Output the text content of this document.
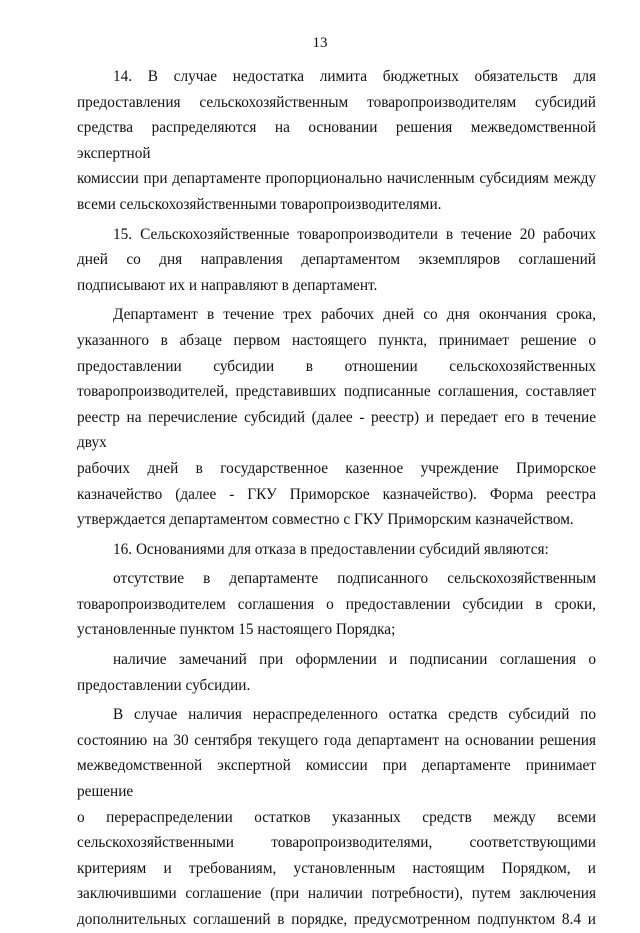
13

14. В случае недостатка лимита бюджетных обязательств для
предоставления сельскохозяйственным товаропроизводителям субсидий
средства распределяются на основании решения межведомственной экспертной
комиссии при департаменте пропорционально начисленным субсидиям между
всеми сельскохозяйственными товаропроизводителями.

15. Сельскохозяйственные товаропроизводители в течение 20 рабочих
дней со дня направления департаментом экземпляров соглашений
подписывают их и направляют в департамент.

Департамент в течение трех рабочих дней со дня окончания срока,
указанного в абзаце первом настоящего пункта, принимает решение о
предоставлении субсидии в отношении сельскохозяйственных
товаропроизводителей, представивших подписанные соглашения, составляет
реестр на перечисление субсидий (далее - реестр) и передает его в течение двух
рабочих дней в государственное казенное учреждение Приморское
казначейство (далее - ГКУ Приморское казначейство). Форма реестра
утверждается департаментом совместно с ГКУ Приморским казначейством.

16. Основаниями для отказа в предоставлении субсидий являются:

отсутствие в департаменте подписанного сельскохозяйственным
товаропроизводителем соглашения о предоставлении субсидии в сроки,
установленные пунктом 15 настоящего Порядка;

наличие замечаний при оформлении и подписании соглашения о
предоставлении субсидии.

В случае наличия нераспределенного остатка средств субсидий по
состоянию на 30 сентября текущего года департамент на основании решения
межведомственной экспертной комиссии при департаменте принимает решение
о перераспределении остатков указанных средств между всеми
сельскохозяйственными товаропроизводителями, соответствующими
критериям и требованиям, установленным настоящим Порядком, и
заключившими соглашение (при наличии потребности), путем заключения
дополнительных соглашений в порядке, предусмотренном подпунктом 8.4 и
